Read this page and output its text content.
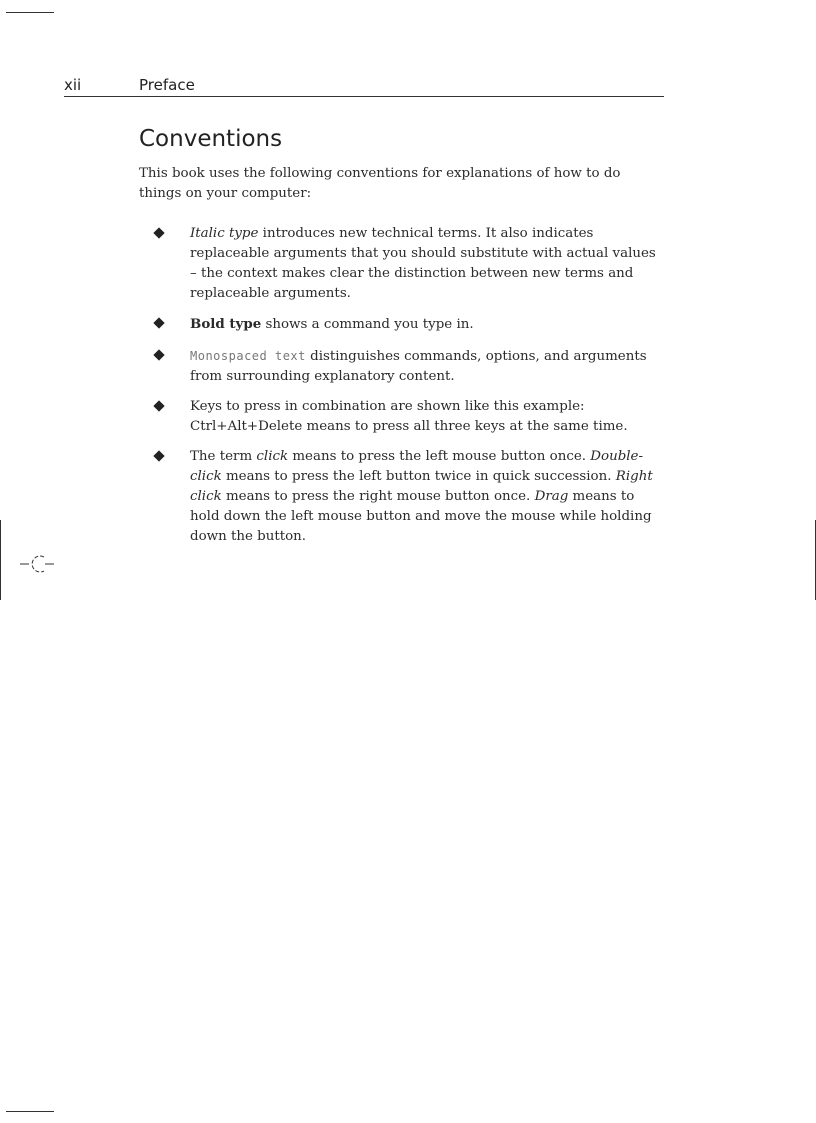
xii	Preface
Conventions

This book uses the following conventions for explanations of how to do things on your computer:

Italic type introduces new technical terms. It also indicates replaceable arguments that you should substitute with actual values – the context makes clear the distinction between new terms and replaceable arguments.
Bold type shows a command you type in.
Monospaced text distinguishes commands, options, and arguments from surrounding explanatory content.
Keys to press in combination are shown like this example: Ctrl+Alt+Delete means to press all three keys at the same time.
The term click means to press the left mouse button once. Double-click means to press the left button twice in quick succession. Right click means to press the right mouse button once. Drag means to hold down the left mouse button and move the mouse while holding down the button.
